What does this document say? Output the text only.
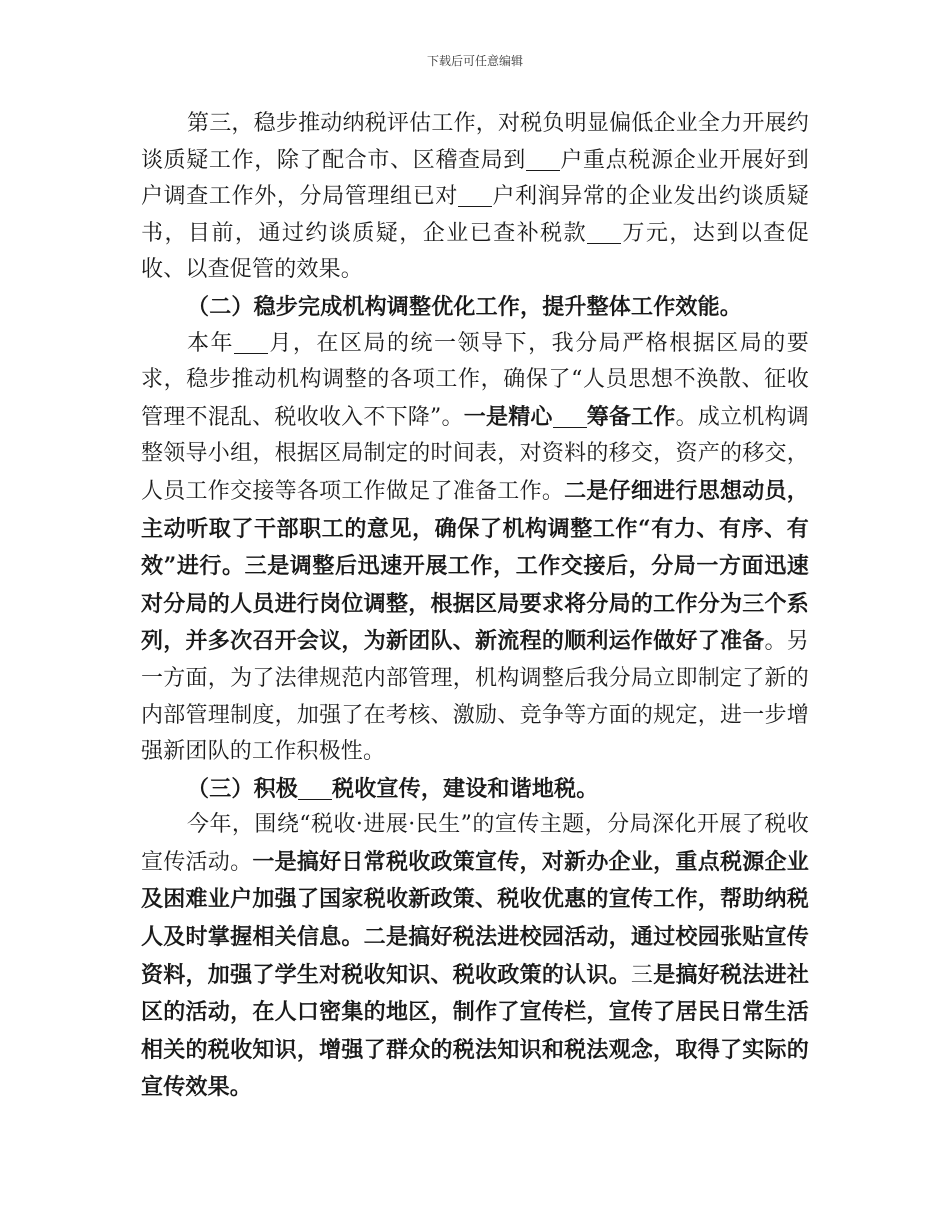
下载后可任意编辑

第三，稳步推动纳税评估工作，对税负明显偏低企业全力开展约谈质疑工作，除了配合市、区稽查局到 户重点税源企业开展好到户调查工作外，分局管理组已对 户利润异常的企业发出约谈质疑书，目前，通过约谈质疑，企业已查补税款 万元，达到以查促收、以查促管的效果。

（二）稳步完成机构调整优化工作，提升整体工作效能。

本年 月，在区局的统一领导下，我分局严格根据区局的要求，稳步推动机构调整的各项工作，确保了“人员思想不涣散、征收管理不混乱、税收收入不下降”。一是精心 筹备工作。成立机构调整领导小组，根据区局制定的时间表，对资料的移交，资产的移交，人员工作交接等各项工作做足了准备工作。二是仔细进行思想动员，主动听取了干部职工的意见，确保了机构调整工作“有力、有序、有效”进行。三是调整后迅速开展工作，工作交接后，分局一方面迅速对分局的人员进行岗位调整，根据区局要求将分局的工作分为三个系列，并多次召开会议，为新团队、新流程的顺利运作做好了准备。另一方面，为了法律规范内部管理，机构调整后我分局立即制定了新的内部管理制度，加强了在考核、激励、竞争等方面的规定，进一步增强新团队的工作积极性。

（三）积极 税收宣传，建设和谐地税。

今年，围绕“税收·进展·民生”的宣传主题，分局深化开展了税收宣传活动。一是搞好日常税收政策宣传，对新办企业，重点税源企业及困难业户加强了国家税收新政策、税收优惠的宣传工作，帮助纳税人及时掌握相关信息。二是搞好税法进校园活动，通过校园张贴宣传资料，加强了学生对税收知识、税收政策的认识。三是搞好税法进社区的活动，在人口密集的地区，制作了宣传栏，宣传了居民日常生活相关的税收知识，增强了群众的税法知识和税法观念，取得了实际的宣传效果。
